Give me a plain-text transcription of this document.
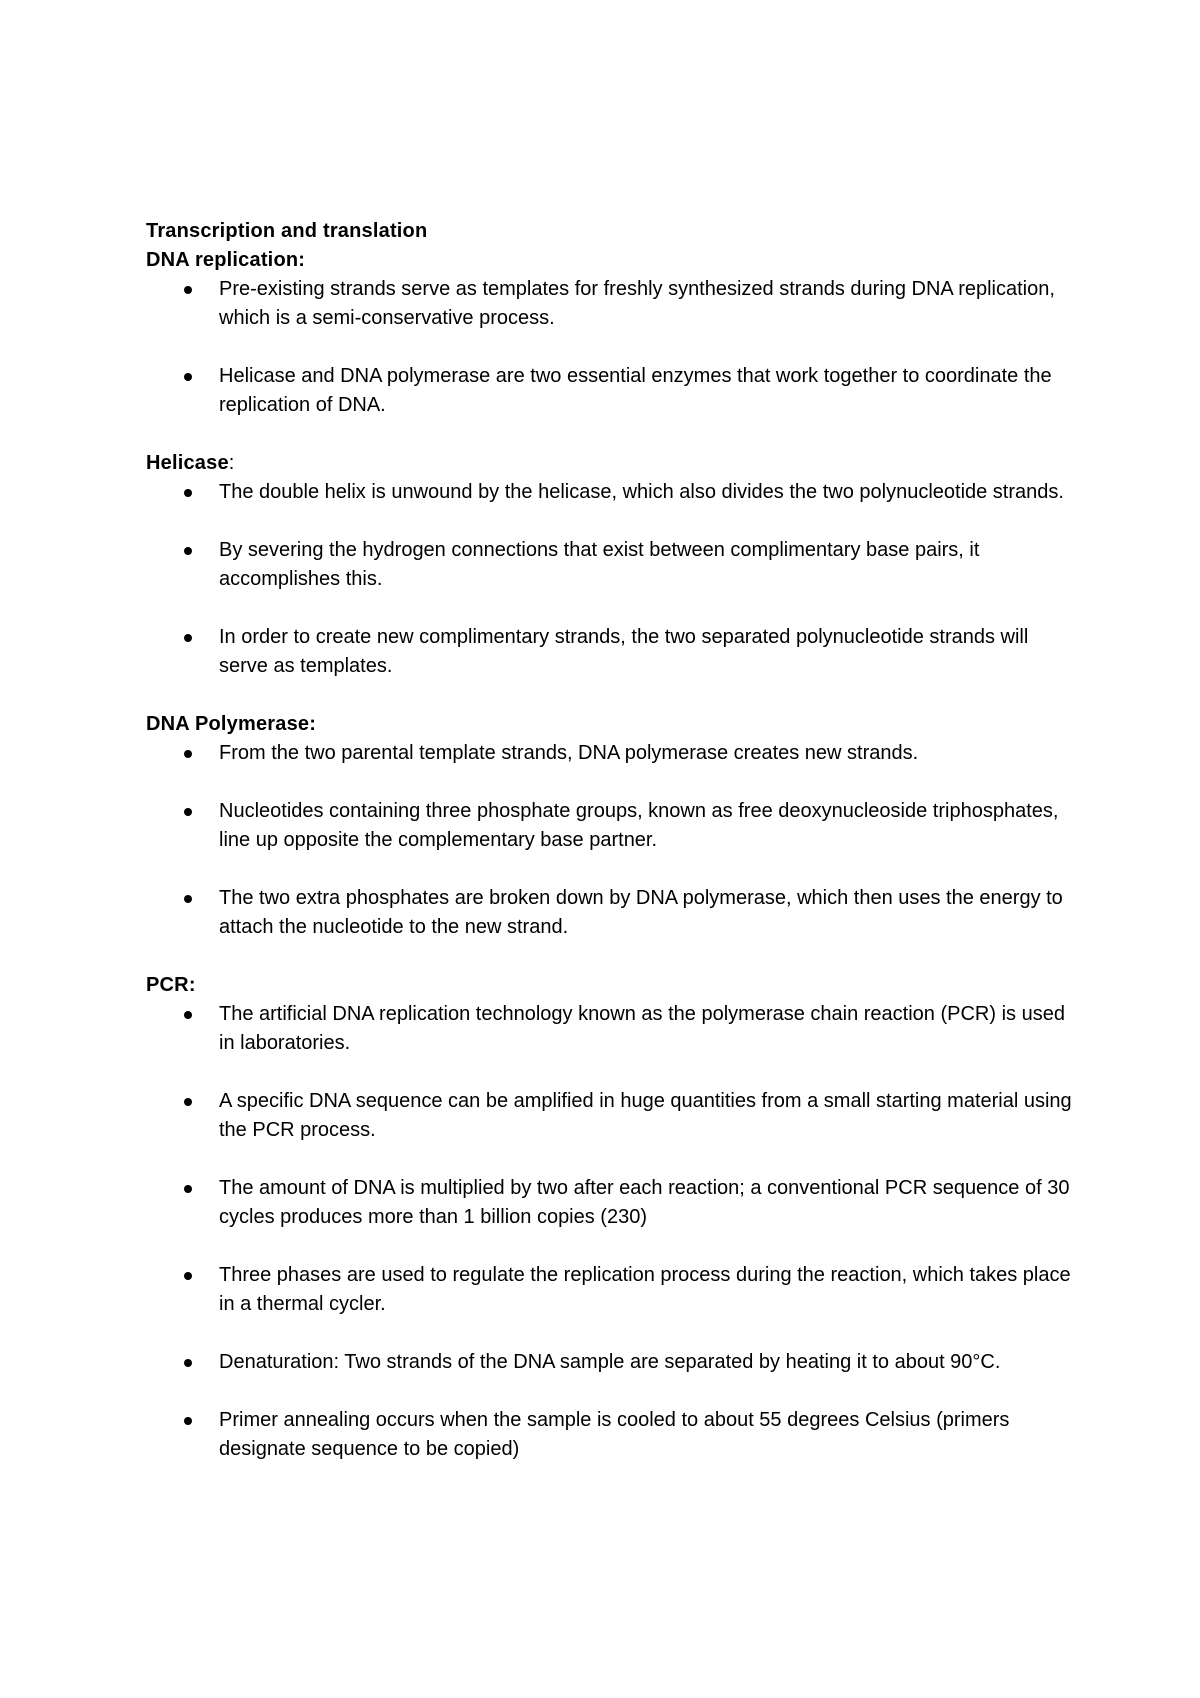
Transcription and translation

DNA replication:

Pre-existing strands serve as templates for freshly synthesized strands during DNA replication, which is a semi-conservative process.
Helicase and DNA polymerase are two essential enzymes that work together to coordinate the replication of DNA.

Helicase:

The double helix is unwound by the helicase, which also divides the two polynucleotide strands.
By severing the hydrogen connections that exist between complimentary base pairs, it accomplishes this.
In order to create new complimentary strands, the two separated polynucleotide strands will serve as templates.

DNA Polymerase:

From the two parental template strands, DNA polymerase creates new strands.
Nucleotides containing three phosphate groups, known as free deoxynucleoside triphosphates, line up opposite the complementary base partner.
The two extra phosphates are broken down by DNA polymerase, which then uses the energy to attach the nucleotide to the new strand.

PCR:

The artificial DNA replication technology known as the polymerase chain reaction (PCR) is used in laboratories.
A specific DNA sequence can be amplified in huge quantities from a small starting material using the PCR process.
The amount of DNA is multiplied by two after each reaction; a conventional PCR sequence of 30 cycles produces more than 1 billion copies (230)
Three phases are used to regulate the replication process during the reaction, which takes place in a thermal cycler.
Denaturation: Two strands of the DNA sample are separated by heating it to about 90°C.
Primer annealing occurs when the sample is cooled to about 55 degrees Celsius (primers designate sequence to be copied)
